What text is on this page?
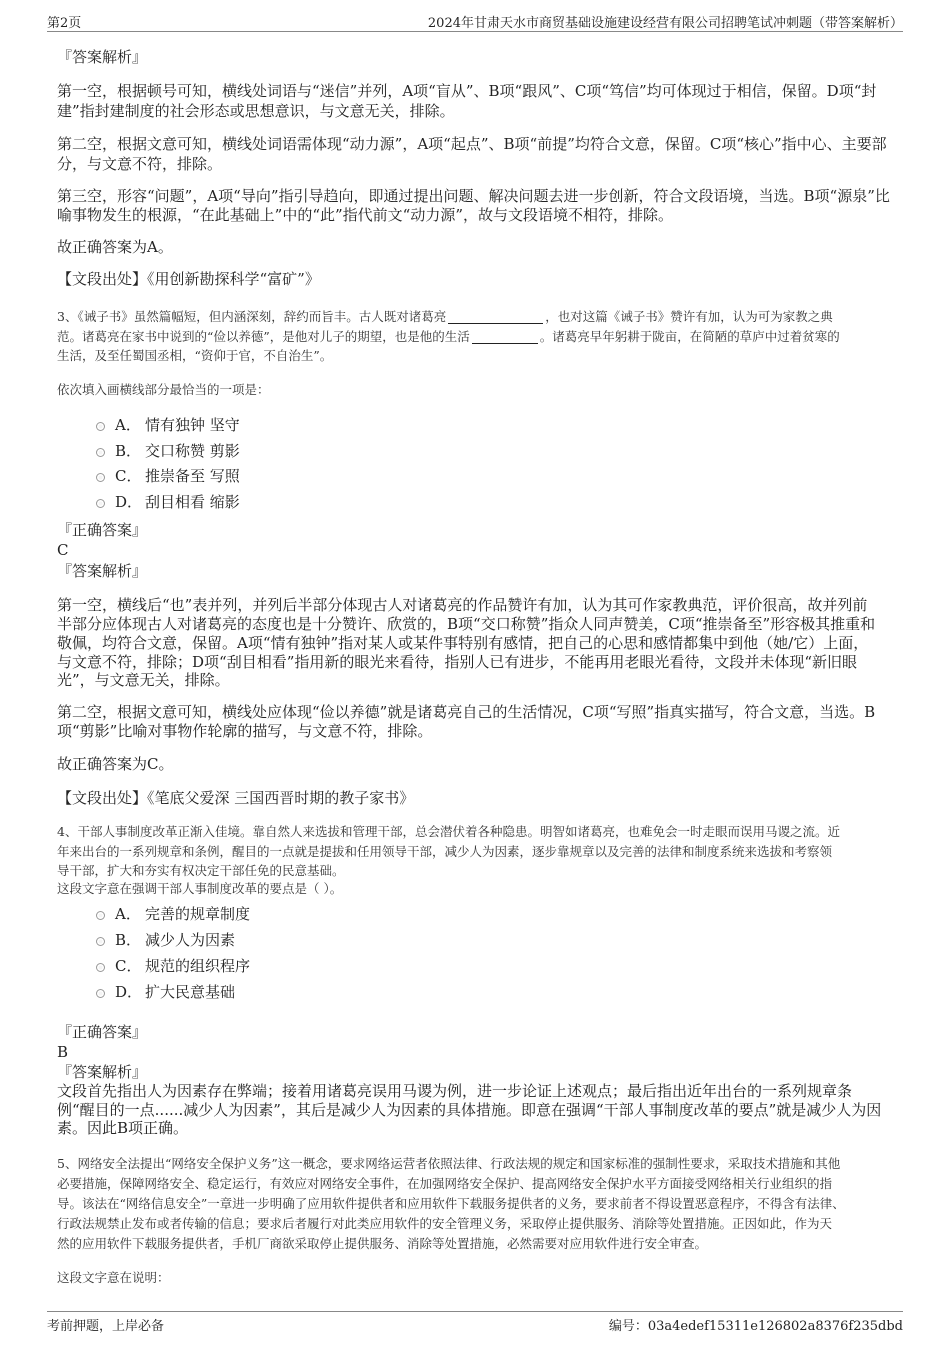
第2页	2024年甘肃天水市商贸基础设施建设经营有限公司招聘笔试冲刺题（带答案解析）
『答案解析』
第一空，根据顿号可知，横线处词语与“迷信”并列，A项“盲从”、B项“跟风”、C项“笃信”均可体现过于相信，保留。D项“封
建”指封建制度的社会形态或思想意识，与文意无关，排除。
第二空，根据文意可知，横线处词语需体现“动力源”，A项“起点”、B项“前提”均符合文意，保留。C项“核心”指中心、主要部
分，与文意不符，排除。
第三空，形容“问题”，A项“导向”指引导趋向，即通过提出问题、解决问题去进一步创新，符合文段语境，当选。B项“源泉”比
喻事物发生的根源，“在此基础上”中的“此”指代前文“动力源”，故与文段语境不相符，排除。
故正确答案为A。
【文段出处】《用创新勘探科学“富矿”》
3、《诫子书》虽然篇幅短，但内涵深刻，辞约而旨丰。古人既对诸葛亮	，也对这篇《诫子书》赞许有加，认为可为家教之典
范。诸葛亮在家书中说到的“俭以养德”，是他对儿子的期望，也是他的生活	。诸葛亮早年躬耕于陇亩，在简陋的草庐中过着贫寒的
生活，及至任蜀国丞相，“资仰于官，不自治生”。
依次填入画横线部分最恰当的一项是：
A． 情有独钟 坚守
B． 交口称赞 剪影
C． 推崇备至 写照
D． 刮目相看 缩影
『正确答案』
C
『答案解析』
第一空，横线后“也”表并列，并列后半部分体现古人对诸葛亮的作品赞许有加，认为其可作家教典范，评价很高，故并列前
半部分应体现古人对诸葛亮的态度也是十分赞许、欣赏的，B项“交口称赞”指众人同声赞美，C项“推崇备至”形容极其推重和
敬佩，均符合文意，保留。A项“情有独钟”指对某人或某件事特别有感情，把自己的心思和感情都集中到他（她/它）上面，
与文意不符，排除；D项“刮目相看”指用新的眼光来看待，指别人已有进步，不能再用老眼光看待，文段并未体现“新旧眼
光”，与文意无关，排除。
第二空，根据文意可知，横线处应体现“俭以养德”就是诸葛亮自己的生活情况，C项“写照”指真实描写，符合文意，当选。B
项“剪影”比喻对事物作轮廓的描写，与文意不符，排除。
故正确答案为C。
【文段出处】《笔底父爱深 三国西晋时期的教子家书》
4、干部人事制度改革正渐入佳境。靠自然人来选拔和管理干部，总会潜伏着各种隐患。明智如诸葛亮，也难免会一时走眼而误用马谡之流。近
年来出台的一系列规章和条例，醒目的一点就是提拔和任用领导干部，减少人为因素，逐步靠规章以及完善的法律和制度系统来选拔和考察领
导干部，扩大和夯实有权决定干部任免的民意基础。
这段文字意在强调干部人事制度改革的要点是（ ）。
A． 完善的规章制度
B． 减少人为因素
C． 规范的组织程序
D． 扩大民意基础
『正确答案』
B
『答案解析』
文段首先指出人为因素存在弊端；接着用诸葛亮误用马谡为例，进一步论证上述观点；最后指出近年出台的一系列规章条
例“醒目的一点......减少人为因素”，其后是减少人为因素的具体措施。即意在强调“干部人事制度改革的要点”就是减少人为因
素。因此B项正确。
5、网络安全法提出“网络安全保护义务”这一概念，要求网络运营者依照法律、行政法规的规定和国家标准的强制性要求，采取技术措施和其他
必要措施，保障网络安全、稳定运行，有效应对网络安全事件，在加强网络安全保护、提高网络安全保护水平方面接受网络相关行业组织的指
导。该法在“网络信息安全”一章进一步明确了应用软件提供者和应用软件下载服务提供者的义务，要求前者不得设置恶意程序，不得含有法律、
行政法规禁止发布或者传输的信息；要求后者履行对此类应用软件的安全管理义务，采取停止提供服务、消除等处置措施。正因如此，作为天
然的应用软件下载服务提供者，手机厂商欲采取停止提供服务、消除等处置措施，必然需要对应用软件进行安全审查。
这段文字意在说明：
考前押题，上岸必备	编号：03a4edef15311e126802a8376f235dbd
